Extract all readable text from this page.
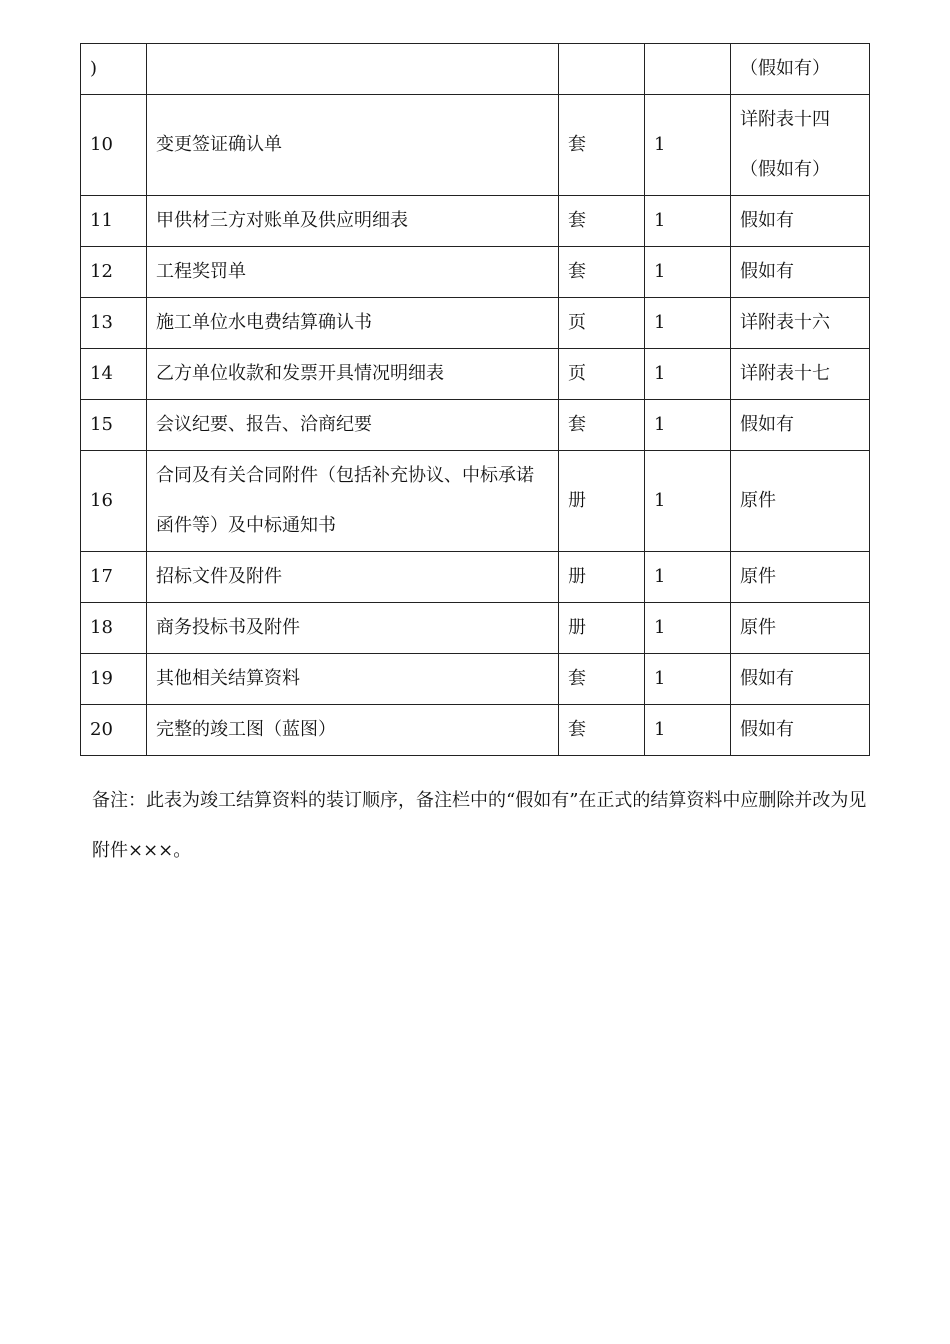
)				（假如有）
10	变更签证确认单	套	1	详附表十四
（假如有）

11	甲供材三方对账单及供应明细表	套	1	假如有
12	工程奖罚单	套	1	假如有
13	施工单位水电费结算确认书	页	1	详附表十六
14	乙方单位收款和发票开具情况明细表	页	1	详附表十七
15	会议纪要、报告、洽商纪要	套	1	假如有
16	合同及有关合同附件（包括补充协议、中标承诺函件等）及中标通知书	册	1	原件
17	招标文件及附件	册	1	原件
18	商务投标书及附件	册	1	原件
19	其他相关结算资料	套	1	假如有
20	完整的竣工图（蓝图）	套	1	假如有
备注：此表为竣工结算资料的装订顺序，备注栏中的“假如有”在正式的结算资料中应删除并改为见附件×××。
